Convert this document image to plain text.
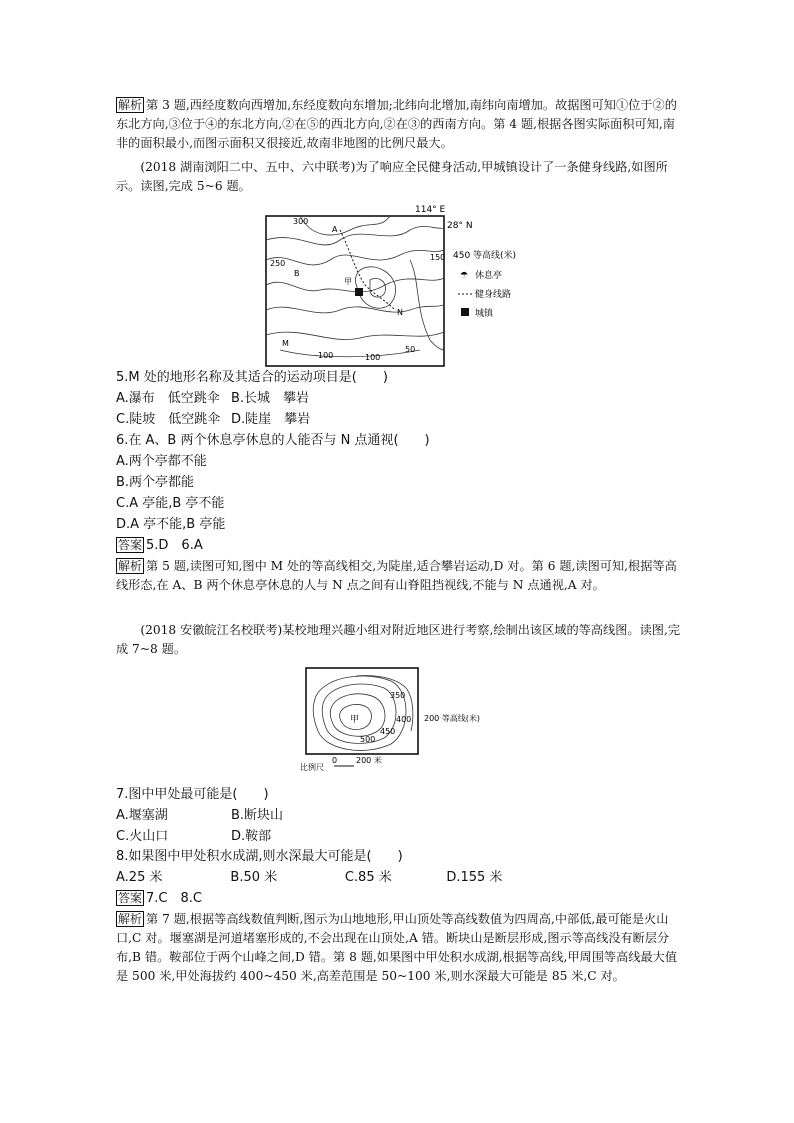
解析 第 3 题,西经度数向西增加,东经度数向东增加;北纬向北增加,南纬向南增加。故据图可知①位于②的东北方向,③位于④的东北方向,②在⑤的西北方向,②在③的西南方向。第 4 题,根据各图实际面积可知,南非的面积最小,而图示面积又很接近,故南非地图的比例尺最大。
(2018 湖南浏阳二中、五中、六中联考)为了响应全民健身活动,甲城镇设计了一条健身线路,如图所示。读图,完成 5~6 题。
114° E
28° N
300
250
150
100	100
50
A
B
M
N
甲
450 等高线(米)
☂ 休息亭
健身线路
城镇
5.M 处的地形名称及其适合的运动项目是(　　)
A.瀑布　低空跳伞 B.长城　攀岩
C.陡坡　低空跳伞 D.陡崖　攀岩
6.在 A、B 两个休息亭休息的人能否与 N 点通视(　　)
A.两个亭都不能
B.两个亭都能
C.A 亭能,B 亭不能
D.A 亭不能,B 亭能
答案 5.D　6.A
解析 第 5 题,读图可知,图中 M 处的等高线相交,为陡崖,适合攀岩运动,D 对。第 6 题,读图可知,根据等高线形态,在 A、B 两个休息亭休息的人与 N 点之间有山脊阻挡视线,不能与 N 点通视,A 对。
(2018 安徽皖江名校联考)某校地理兴趣小组对附近地区进行考察,绘制出该区域的等高线图。读图,完成 7~8 题。
350
400
450
500
甲	200 等高线(米)
比例尺
0 200 米
7.图中甲处最可能是(　　)
A.堰塞湖	B.断块山
C.火山口	D.鞍部
8.如果图中甲处积水成湖,则水深最大可能是(　　)
A.25 米	B.50 米	C.85 米	D.155 米
答案 7.C　8.C
解析 第 7 题,根据等高线数值判断,图示为山地地形,甲山顶处等高线数值为四周高,中部低,最可能是火山口,C 对。堰塞湖是河道堵塞形成的,不会出现在山顶处,A 错。断块山是断层形成,图示等高线没有断层分布,B 错。鞍部位于两个山峰之间,D 错。第 8 题,如果图中甲处积水成湖,根据等高线,甲周围等高线最大值是 500 米,甲处海拔约 400~450 米,高差范围是 50~100 米,则水深最大可能是 85 米,C 对。
